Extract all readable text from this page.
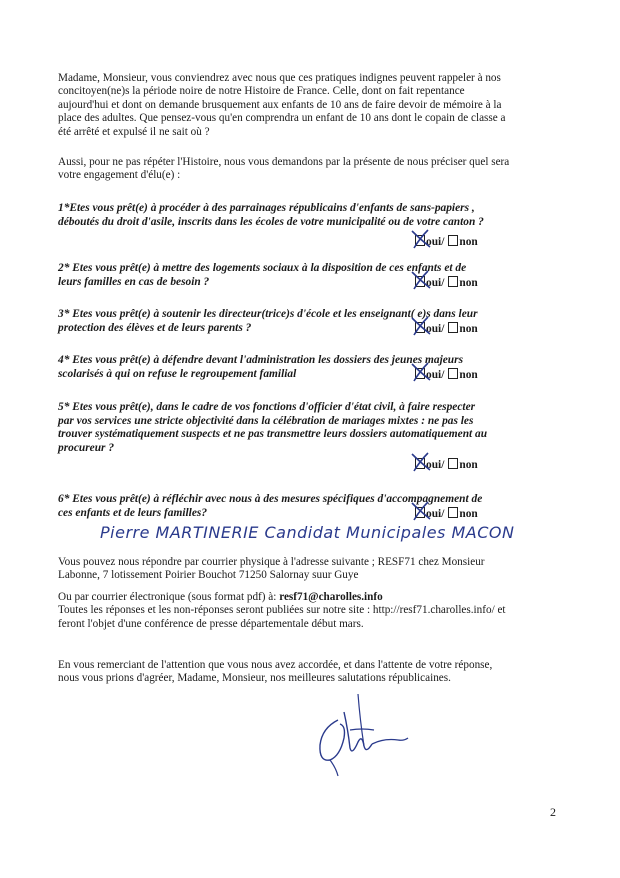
Madame, Monsieur, vous conviendrez avec nous que ces pratiques indignes peuvent rappeler à nos
concitoyen(ne)s la période noire de notre Histoire de France. Celle, dont on fait repentance
aujourd'hui et dont on demande brusquement aux enfants de 10 ans de faire devoir de mémoire à la
place des adultes. Que pensez-vous qu'en comprendra un enfant de 10 ans dont le copain de classe a
été arrêté et expulsé il ne sait où ?

Aussi, pour ne pas répéter l'Histoire, nous vous demandons par la présente de nous préciser quel sera
votre engagement d'élu(e) :

1*Etes vous prêt(e) à procéder à des parrainages républicains d'enfants de sans-papiers ,
déboutés du droit d'asile, inscrits dans les écoles de votre municipalité ou de votre canton ?

oui/ non

2* Etes vous prêt(e) à mettre des logements sociaux à la disposition de ces enfants et de
leurs familles en cas de besoin ?	oui/ non

3* Etes vous prêt(e) à soutenir les directeur(trice)s d'école et les enseignant( e)s dans leur
protection des élèves et de leurs parents ?	oui/ non

4* Etes vous prêt(e) à défendre devant l'administration les dossiers des jeunes majeurs
scolarisés à qui on refuse le regroupement familial	oui/ non

5* Etes vous prêt(e), dans le cadre de vos fonctions d'officier d'état civil, à faire respecter
par vos services une stricte objectivité dans la célébration de mariages mixtes : ne pas les
trouver systématiquement suspects et ne pas transmettre leurs dossiers automatiquement au
procureur ?

oui/ non

6* Etes vous prêt(e) à réfléchir avec nous à des mesures spécifiques d'accompagnement de
ces enfants et de leurs familles?	oui/ non
Pierre MARTINERIE Candidat Municipales MACON

Vous pouvez nous répondre par courrier physique à l'adresse suivante ; RESF71 chez Monsieur
Labonne, 7 lotissement Poirier Bouchot 71250 Salornay suur Guye

Ou par courrier électronique (sous format pdf) à: resf71@charolles.info
Toutes les réponses et les non-réponses seront publiées sur notre site : http://resf71.charolles.info/ et
feront l'objet d'une conférence de presse départementale début mars.

En vous remerciant de l'attention que vous nous avez accordée, et dans l'attente de votre réponse,
nous vous prions d'agréer, Madame, Monsieur, nos meilleures salutations républicaines.

2
